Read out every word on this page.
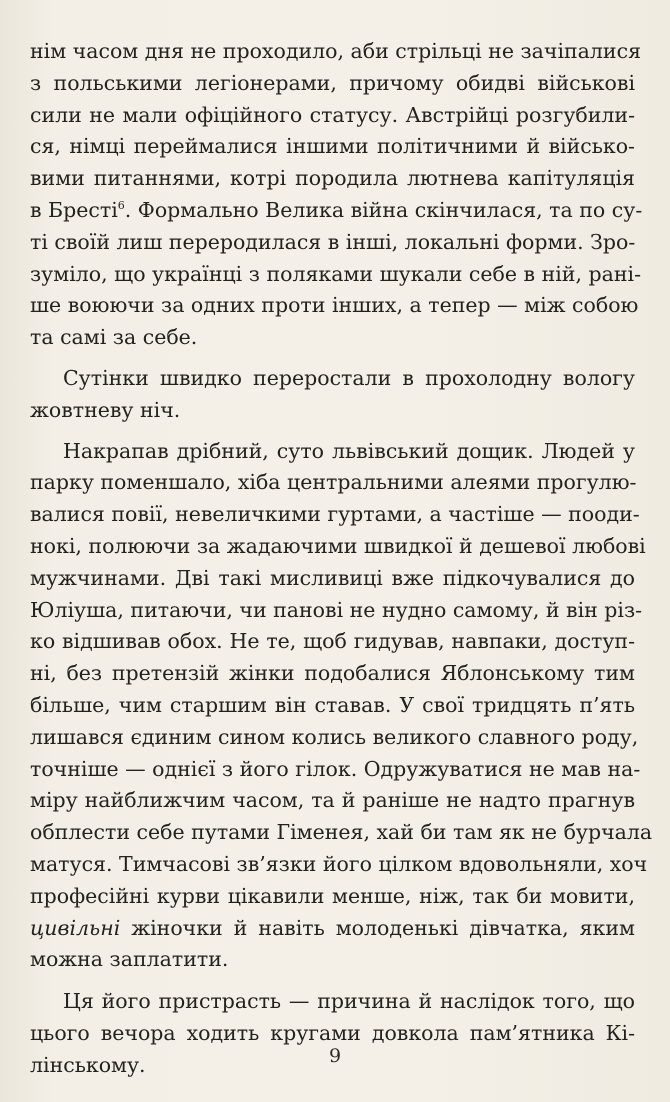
нім часом дня не проходило, аби стрільці не зачіпалися
з польськими легіонерами, причому обидві військові
сили не мали офіційного статусу. Австрійці розгубили-
ся, німці переймалися іншими політичними й військо-
вими питаннями, котрі породила лютнева капітуляція
в Бресті$^6$. Формально Велика війна скінчилася, та по су-
ті своїй лиш переродилася в інші, локальні форми. Зро-
зуміло, що українці з поляками шукали себе в ній, рані-
ше воюючи за одних проти інших, а тепер — між собою
та самі за себе.
Сутінки швидко переростали в прохолодну вологу
жовтневу ніч.
Накрапав дрібний, суто львівський дощик. Людей у
парку поменшало, хіба центральними алеями прогулю-
валися повії, невеличкими гуртами, а частіше — пооди-
нокі, полюючи за жадаючими швидкої й дешевої любові
мужчинами. Дві такі мисливиці вже підкочувалися до
Юліуша, питаючи, чи панові не нудно самому, й він різ-
ко відшивав обох. Не те, щоб гидував, навпаки, доступ-
ні, без претензій жінки подобалися Яблонському тим
більше, чим старшим він ставав. У свої тридцять п’ять
лишався єдиним сином колись великого славного роду,
точніше — однієї з його гілок. Одружуватися не мав на-
міру найближчим часом, та й раніше не надто прагнув
обплести себе путами Гіменея, хай би там як не бурчала
матуся. Тимчасові зв’язки його цілком вдовольняли, хоч
професійні курви цікавили менше, ніж, так би мовити,
цивільні жіночки й навіть молоденькі дівчатка, яким
можна заплатити.
Ця його пристрасть — причина й наслідок того, що
цього вечора ходить кругами довкола пам’ятника Кі-
лінському.	9
